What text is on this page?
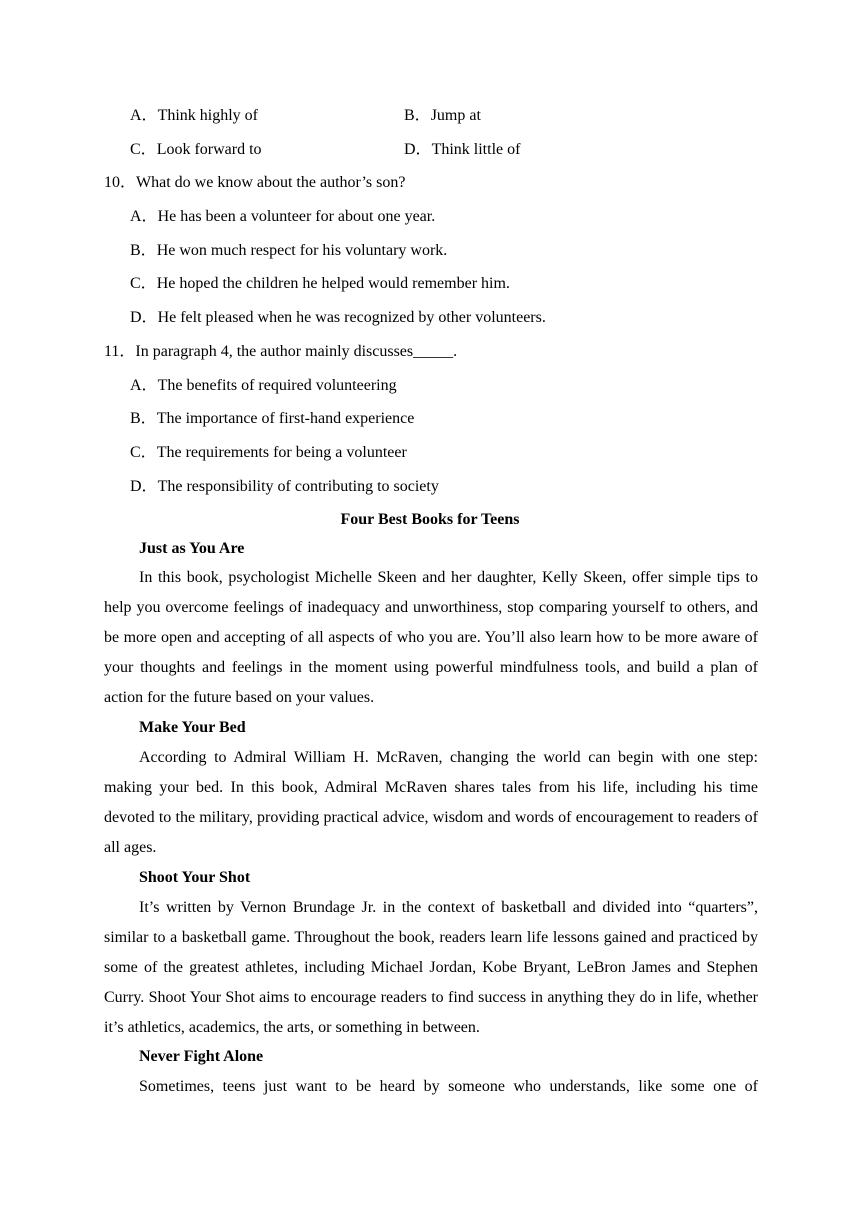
A．Think highly of	B．Jump at
C．Look forward to	D．Think little of
10．What do we know about the author’s son?
A．He has been a volunteer for about one year.
B．He won much respect for his voluntary work.
C．He hoped the children he helped would remember him.
D．He felt pleased when he was recognized by other volunteers.
11．In paragraph 4, the author mainly discusses_____.
A．The benefits of required volunteering
B．The importance of first-hand experience
C．The requirements for being a volunteer
D．The responsibility of contributing to society
Four Best Books for Teens
Just as You Are

In this book, psychologist Michelle Skeen and her daughter, Kelly Skeen, offer simple tips to help you overcome feelings of inadequacy and unworthiness, stop comparing yourself to others, and be more open and accepting of all aspects of who you are. You’ll also learn how to be more aware of your thoughts and feelings in the moment using powerful mindfulness tools, and build a plan of action for the future based on your values.

Make Your Bed

According to Admiral William H. McRaven, changing the world can begin with one step: making your bed. In this book, Admiral McRaven shares tales from his life, including his time devoted to the military, providing practical advice, wisdom and words of encouragement to readers of all ages.

Shoot Your Shot

It’s written by Vernon Brundage Jr. in the context of basketball and divided into “quarters”, similar to a basketball game. Throughout the book, readers learn life lessons gained and practiced by some of the greatest athletes, including Michael Jordan, Kobe Bryant, LeBron James and Stephen Curry. Shoot Your Shot aims to encourage readers to find success in anything they do in life, whether it’s athletics, academics, the arts, or something in between.

Never Fight Alone

Sometimes, teens just want to be heard by someone who understands, like some one of
